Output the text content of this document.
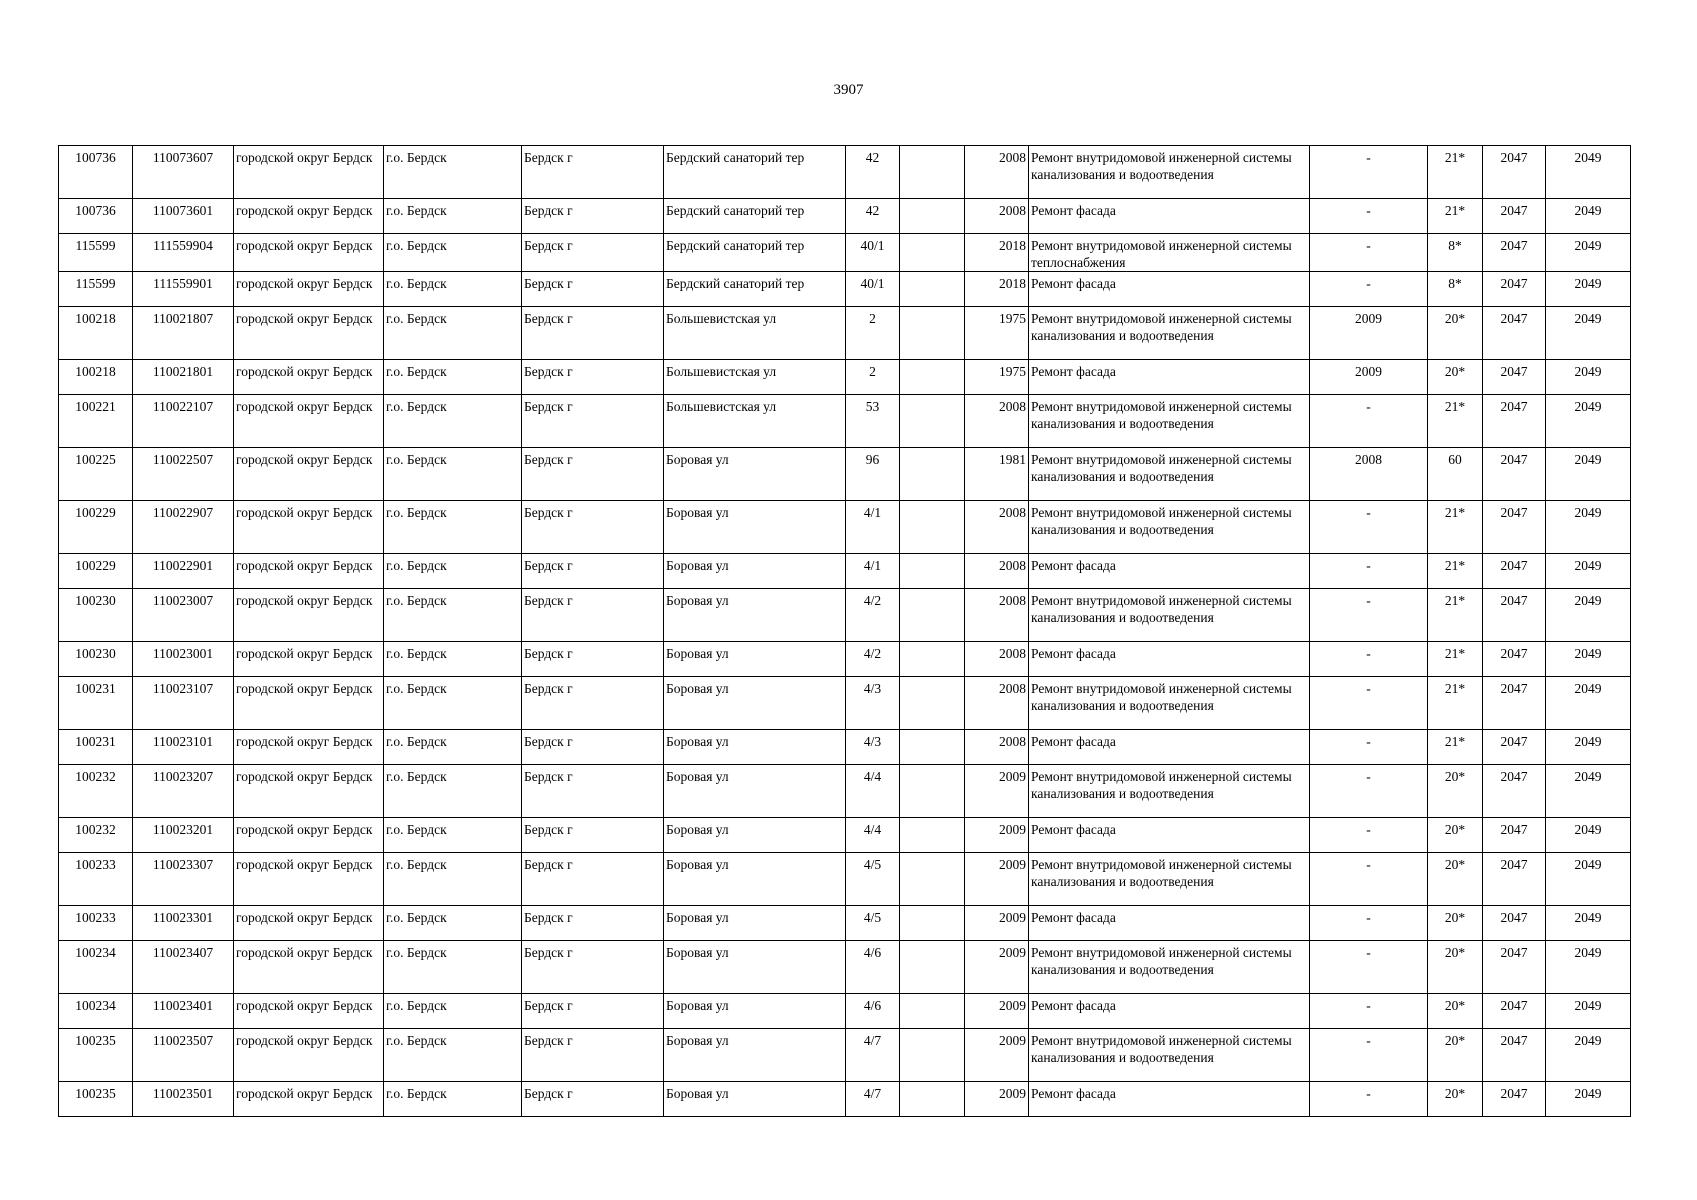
3907
100736	110073607	городской округ Бердск	г.о. Бердск	Бердск г	Бердский санаторий тер	42		2008	Ремонт внутридомовой инженерной системы канализования и водоотведения	-	21*	2047	2049
100736	110073601	городской округ Бердск	г.о. Бердск	Бердск г	Бердский санаторий тер	42		2008	Ремонт фасада	-	21*	2047	2049
115599	111559904	городской округ Бердск	г.о. Бердск	Бердск г	Бердский санаторий тер	40/1		2018	Ремонт внутридомовой инженерной системы теплоснабжения	-	8*	2047	2049
115599	111559901	городской округ Бердск	г.о. Бердск	Бердск г	Бердский санаторий тер	40/1		2018	Ремонт фасада	-	8*	2047	2049
100218	110021807	городской округ Бердск	г.о. Бердск	Бердск г	Большевистская ул	2		1975	Ремонт внутридомовой инженерной системы канализования и водоотведения	2009	20*	2047	2049
100218	110021801	городской округ Бердск	г.о. Бердск	Бердск г	Большевистская ул	2		1975	Ремонт фасада	2009	20*	2047	2049
100221	110022107	городской округ Бердск	г.о. Бердск	Бердск г	Большевистская ул	53		2008	Ремонт внутридомовой инженерной системы канализования и водоотведения	-	21*	2047	2049
100225	110022507	городской округ Бердск	г.о. Бердск	Бердск г	Боровая ул	96		1981	Ремонт внутридомовой инженерной системы канализования и водоотведения	2008	60	2047	2049
100229	110022907	городской округ Бердск	г.о. Бердск	Бердск г	Боровая ул	4/1		2008	Ремонт внутридомовой инженерной системы канализования и водоотведения	-	21*	2047	2049
100229	110022901	городской округ Бердск	г.о. Бердск	Бердск г	Боровая ул	4/1		2008	Ремонт фасада	-	21*	2047	2049
100230	110023007	городской округ Бердск	г.о. Бердск	Бердск г	Боровая ул	4/2		2008	Ремонт внутридомовой инженерной системы канализования и водоотведения	-	21*	2047	2049
100230	110023001	городской округ Бердск	г.о. Бердск	Бердск г	Боровая ул	4/2		2008	Ремонт фасада	-	21*	2047	2049
100231	110023107	городской округ Бердск	г.о. Бердск	Бердск г	Боровая ул	4/3		2008	Ремонт внутридомовой инженерной системы канализования и водоотведения	-	21*	2047	2049
100231	110023101	городской округ Бердск	г.о. Бердск	Бердск г	Боровая ул	4/3		2008	Ремонт фасада	-	21*	2047	2049
100232	110023207	городской округ Бердск	г.о. Бердск	Бердск г	Боровая ул	4/4		2009	Ремонт внутридомовой инженерной системы канализования и водоотведения	-	20*	2047	2049
100232	110023201	городской округ Бердск	г.о. Бердск	Бердск г	Боровая ул	4/4		2009	Ремонт фасада	-	20*	2047	2049
100233	110023307	городской округ Бердск	г.о. Бердск	Бердск г	Боровая ул	4/5		2009	Ремонт внутридомовой инженерной системы канализования и водоотведения	-	20*	2047	2049
100233	110023301	городской округ Бердск	г.о. Бердск	Бердск г	Боровая ул	4/5		2009	Ремонт фасада	-	20*	2047	2049
100234	110023407	городской округ Бердск	г.о. Бердск	Бердск г	Боровая ул	4/6		2009	Ремонт внутридомовой инженерной системы канализования и водоотведения	-	20*	2047	2049
100234	110023401	городской округ Бердск	г.о. Бердск	Бердск г	Боровая ул	4/6		2009	Ремонт фасада	-	20*	2047	2049
100235	110023507	городской округ Бердск	г.о. Бердск	Бердск г	Боровая ул	4/7		2009	Ремонт внутридомовой инженерной системы канализования и водоотведения	-	20*	2047	2049
100235	110023501	городской округ Бердск	г.о. Бердск	Бердск г	Боровая ул	4/7		2009	Ремонт фасада	-	20*	2047	2049
